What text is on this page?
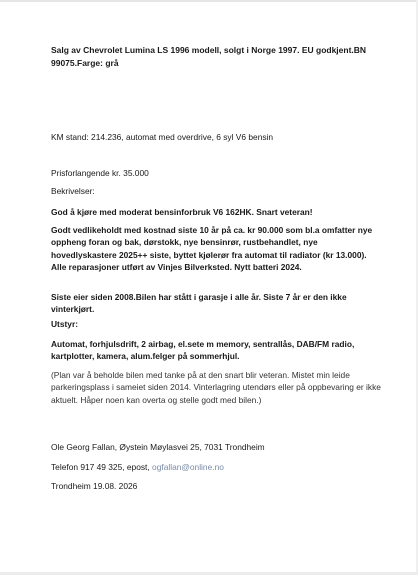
Salg av Chevrolet Lumina LS 1996 modell, solgt i Norge 1997. EU godkjent.BN 99075.Farge: grå
KM stand: 214.236, automat med overdrive, 6 syl V6 bensin
Prisforlangende kr. 35.000
Bekrivelser:
God å kjøre med moderat bensinforbruk V6 162HK. Snart veteran!
Godt vedlikeholdt med kostnad siste 10 år på ca. kr 90.000 som bl.a omfatter nye oppheng foran og bak, dørstokk, nye bensinrør, rustbehandlet, nye hovedlyskastere 2025++ siste, byttet kjølerør fra automat til radiator (kr 13.000). Alle reparasjoner utført av Vinjes Bilverksted. Nytt batteri 2024.
Siste eier siden 2008.Bilen har stått i garasje i alle år. Siste 7 år er den ikke vinterkjørt.
Utstyr:
Automat, forhjulsdrift, 2 airbag, el.sete m memory, sentrallås, DAB/FM radio, kartplotter, kamera, alum.felger på sommerhjul.
(Plan var å beholde bilen med tanke på at den snart blir veteran. Mistet min leide parkeringsplass i sameiet siden 2014. Vinterlagring utendørs eller på oppbevaring er ikke aktuelt. Håper noen kan overta og stelle godt med bilen.)
Ole Georg Fallan, Øystein Møylasvei 25, 7031 Trondheim
Telefon 917 49 325, epost, ogfallan@online.no
Trondheim 19.08. 2026
